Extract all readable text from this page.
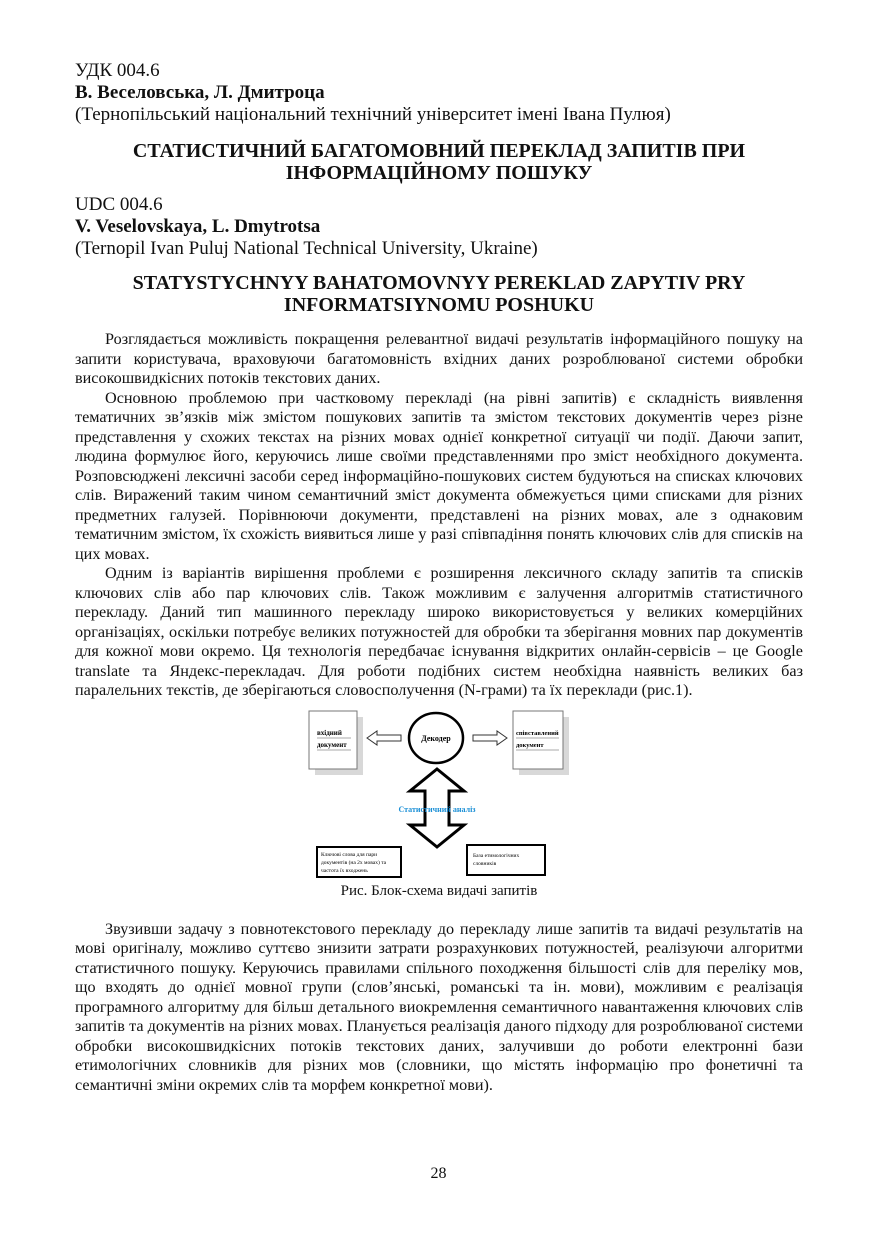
УДК 004.6
В. Веселовська, Л. Дмитроца
(Тернопільський національний технічний університет імені Івана Пулюя)
СТАТИСТИЧНИЙ БАГАТОМОВНИЙ ПЕРЕКЛАД ЗАПИТІВ ПРИ ІНФОРМАЦІЙНОМУ ПОШУКУ
UDC 004.6
V. Veselovskaya, L. Dmytrotsa
(Ternopil Ivan Puluj National Technical University, Ukraine)
STATYSTYCHNYY BAHATOMOVNYY PEREKLAD ZAPYTIV PRY INFORMATSIYNOMU POSHUKU

Розглядається можливість покращення релевантної видачі результатів інформаційного пошуку на запити користувача, враховуючи багатомовність вхідних даних розроблюваної системи обробки високошвидкісних потоків текстових даних.

Основною проблемою при частковому перекладі (на рівні запитів) є складність виявлення тематичних зв’язків між змістом пошукових запитів та змістом текстових документів через різне представлення у схожих текстах на різних мовах однієї конкретної ситуації чи події. Даючи запит, людина формулює його, керуючись лише своїми представленнями про зміст необхідного документа. Розповсюджені лексичні засоби серед інформаційно-пошукових систем будуються на списках ключових слів. Виражений таким чином семантичний зміст документа обмежується цими списками для різних предметних галузей. Порівнюючи документи, представлені на різних мовах, але з однаковим тематичним змістом, їх схожість виявиться лише у разі співпадіння понять ключових слів для списків на цих мовах.

Одним із варіантів вирішення проблеми є розширення лексичного складу запитів та списків ключових слів або пар ключових слів. Також можливим є залучення алгоритмів статистичного перекладу. Даний тип машинного перекладу широко використовується у великих комерційних організаціях, оскільки потребує великих потужностей для обробки та зберігання мовних пар документів для кожної мови окремо. Ця технологія передбачає існування відкритих онлайн-сервісів – це Google translate та Яндекс-перекладач. Для роботи подібних систем необхідна наявність великих баз паралельних текстів, де зберігаються словосполучення (N-грами) та їх переклади (рис.1).

вхідний
документ
Декодер
співставлений
документ
Статистичний аналіз
Ключові слова для пари
документів (на 2х мовах) та
частота їх входжень
База етимологічних
словників
Рис. Блок-схема видачі запитів

Звузивши задачу з повнотекстового перекладу до перекладу лише запитів та видачі результатів на мові оригіналу, можливо суттєво знизити затрати розрахункових потужностей, реалізуючи алгоритми статистичного пошуку. Керуючись правилами спільного походження більшості слів для переліку мов, що входять до однієї мовної групи (слов’янські, романські та ін. мови), можливим є реалізація програмного алгоритму для більш детального виокремлення семантичного навантаження ключових слів запитів та документів на різних мовах. Планується реалізація даного підходу для розроблюваної системи обробки високошвидкісних потоків текстових даних, залучивши до роботи електронні бази етимологічних словників для різних мов (словники, що містять інформацію про фонетичні та семантичні зміни окремих слів та морфем конкретної мови).

28
